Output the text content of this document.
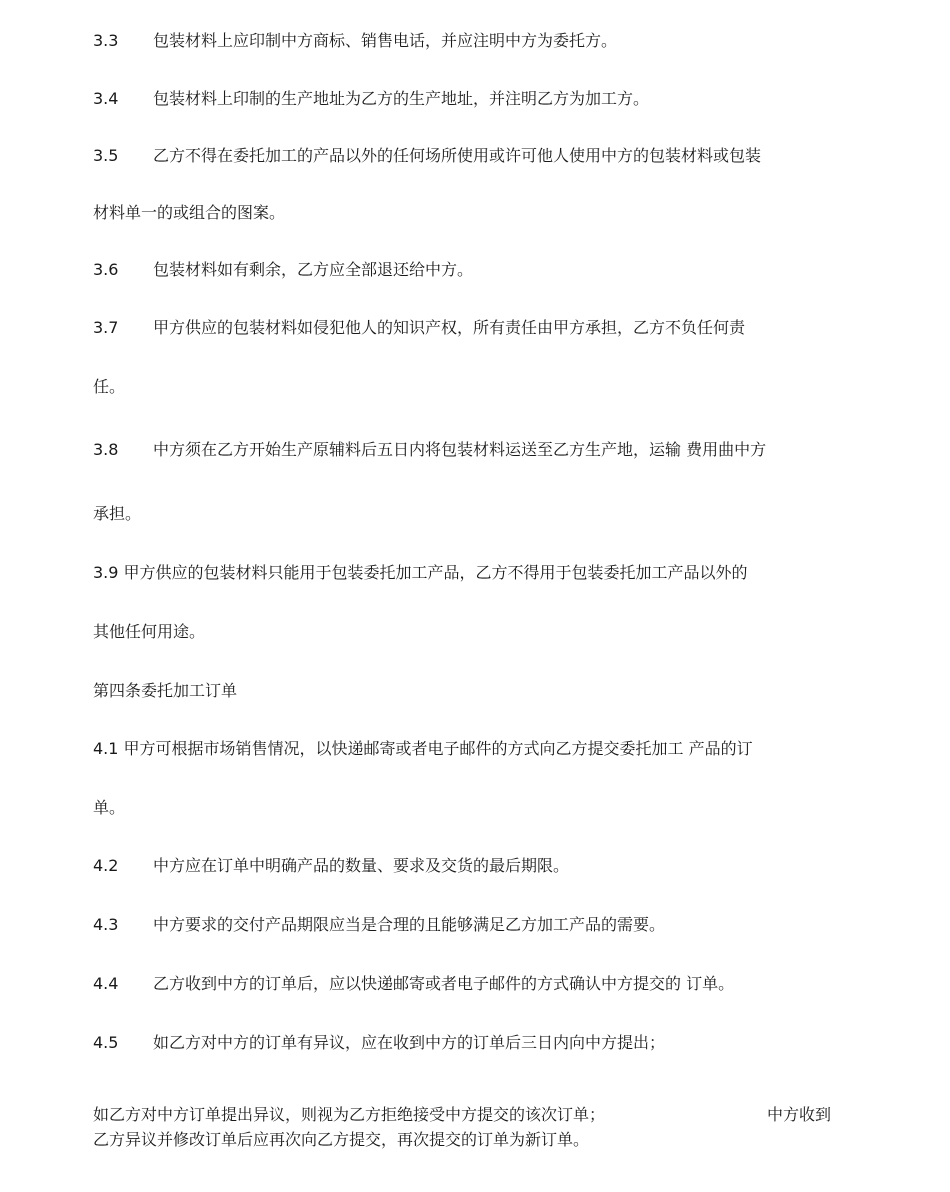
3.3 包装材料上应印制中方商标、销售电话，并应注明中方为委托方。
3.4 包装材料上印制的生产地址为乙方的生产地址，并注明乙方为加工方。
3.5 乙方不得在委托加工的产品以外的任何场所使用或许可他人使用中方的包装材料或包装
材料单一的或组合的图案。
3.6 包装材料如有剩余，乙方应全部退还给中方。
3.7 甲方供应的包装材料如侵犯他人的知识产权，所有责任由甲方承担，乙方不负任何责
任。
3.8 中方须在乙方开始生产原辅料后五日内将包装材料运送至乙方生产地，运输 费用曲中方
承担。
3.9 甲方供应的包装材料只能用于包装委托加工产品，乙方不得用于包装委托加工产品以外的
其他任何用途。
第四条委托加工订单
4.1 甲方可根据市场销售情况，以快递邮寄或者电子邮件的方式向乙方提交委托加工 产品的订
单。
4.2 中方应在订单中明确产品的数量、要求及交货的最后期限。
4.3 中方要求的交付产品期限应当是合理的且能够满足乙方加工产品的需要。
4.4 乙方收到中方的订单后，应以快递邮寄或者电子邮件的方式确认中方提交的 订单。
4.5 如乙方对中方的订单有异议，应在收到中方的订单后三日内向中方提出；
如乙方对中方订单提出异议，则视为乙方拒绝接受中方提交的该次订单；	中方收到
乙方异议并修改订单后应再次向乙方提交，再次提交的订单为新订单。
